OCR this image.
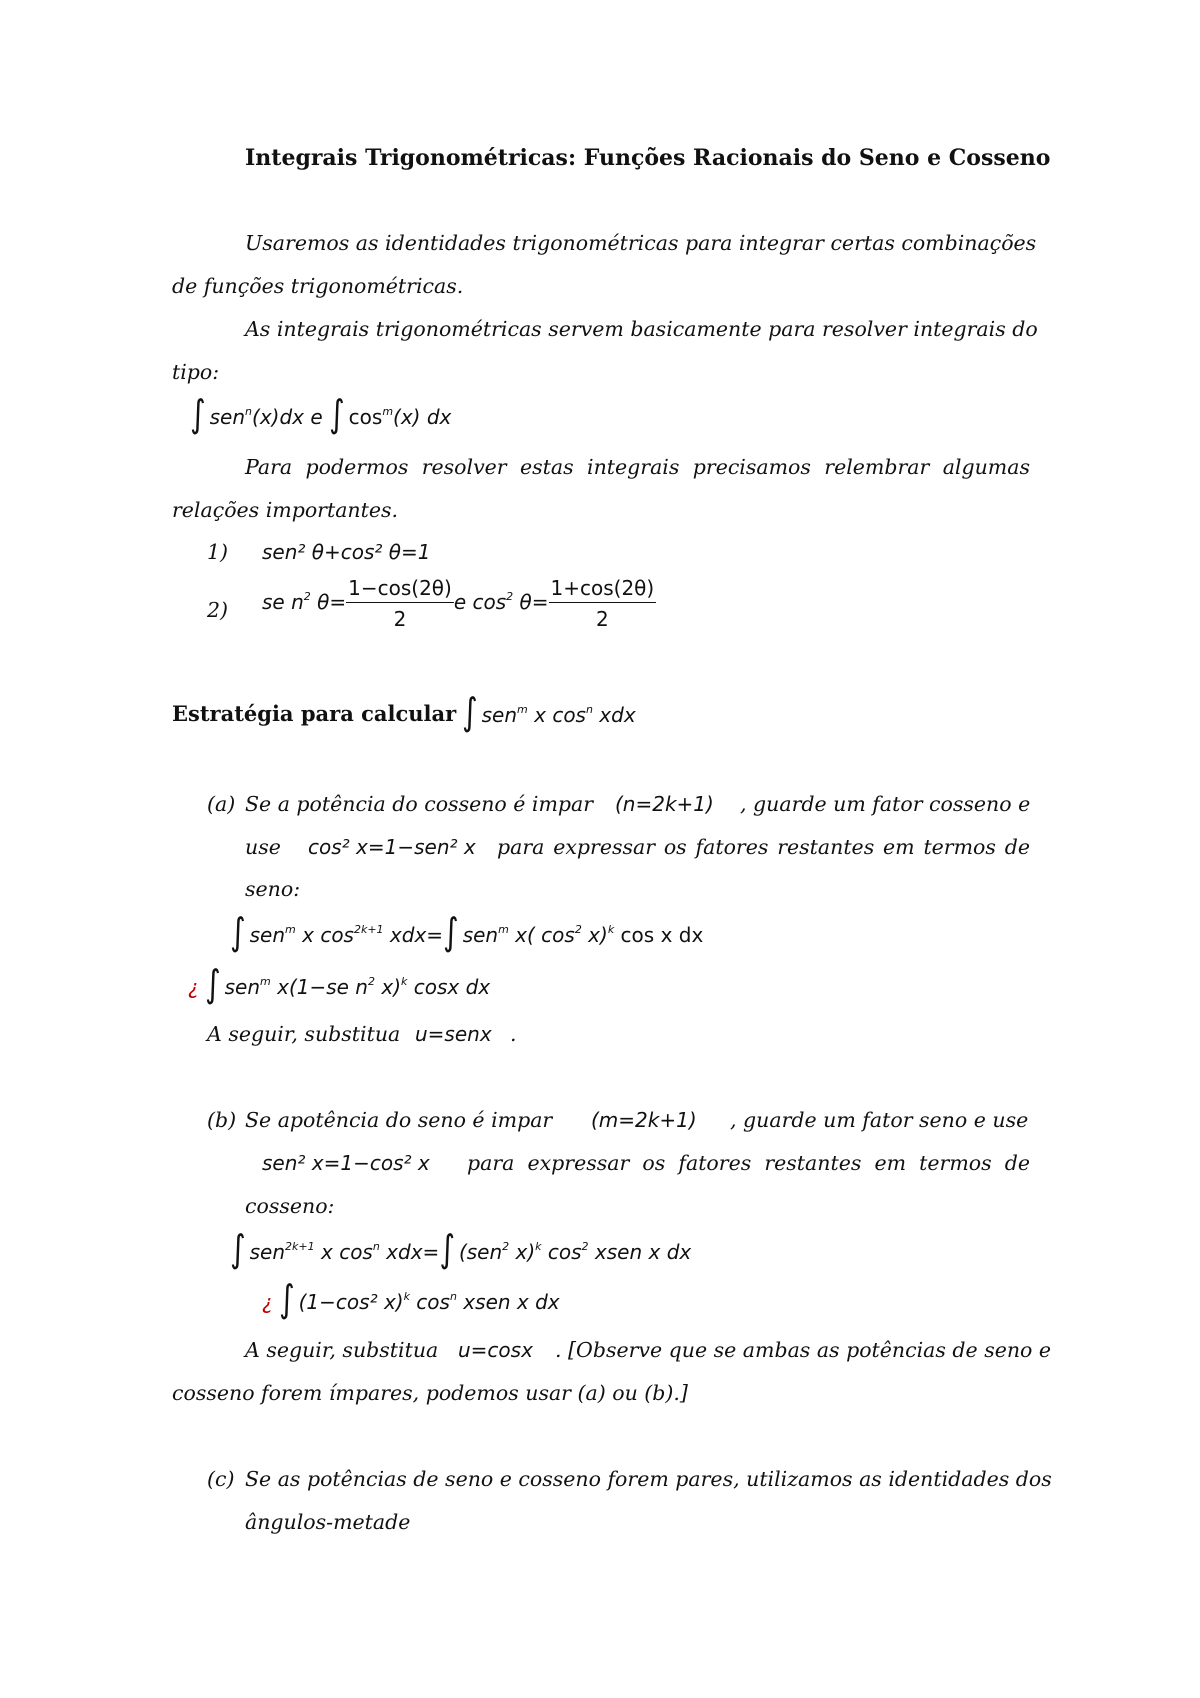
Integrais Trigonométricas: Funções Racionais do Seno e Cosseno
Usaremos as identidades trigonométricas para integrar certas combinações
de funções trigonométricas.
As integrais trigonométricas servem basicamente para resolver integrais do
tipo:
∫ sen$^n$(x)dx e ∫ $\cos^m(x)$ dx
Para podermos resolver estas integrais precisamos relembrar algumas
relações importantes.
1) sen² θ+cos² θ=1
2) se $n^2$ $\theta= \frac{1-\cos(2\theta)}{2}$ e $\cos^2 \theta= \frac{1+\cos(2\theta)}{2}$
Estratégia para calcular ∫ sen$^m$ x $\cos^n$ xdx
(a) Se a potência do cosseno é impar (n=2k+1) , guarde um fator cosseno e
use cos² x=1−sen² x para expressar os fatores restantes em termos de
seno:
∫ sen$^m$ x $\cos^{2k+1} xdx=\int$ sen$^m$ x( $\cos^2 x)^k$ cos x dx
¿ ∫ sen$^m$ x(1−se $n^2$ x)$^k$ cosx dx
A seguir, substitua u=senx .
(b) Se apotência do seno é impar (m=2k+1) , guarde um fator seno e use
sen² x=1−cos² x para expressar os fatores restantes em termos de
cosseno:
∫ sen$^{2k+1}$ x $\cos^n xdx=\int$ (sen$^2$ x)$^k$ $\cos^2$ xsen x dx
¿ ∫ (1−cos² x)$^k$ $\cos^n$ xsen x dx
A seguir, substitua u=cosx . [Observe que se ambas as potências de seno e
cosseno forem ímpares, podemos usar (a) ou (b).]
(c) Se as potências de seno e cosseno forem pares, utilizamos as identidades dos
ângulos-metade
